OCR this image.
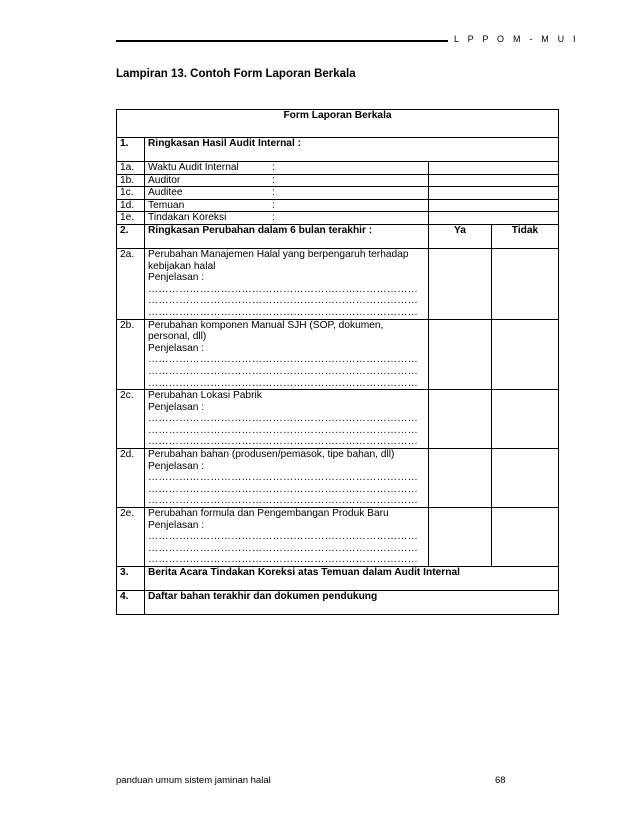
L P P O M - M U I
Lampiran 13. Contoh Form Laporan Berkala
Form Laporan Berkala			
1.	Ringkasan Hasil Audit Internal :		
1a.	Waktu Audit Internal :		
1b.	Auditor :		
1c.	Auditee :		
1d.	Temuan :		
1e.	Tindakan Koreksi :		
2.	Ringkasan Perubahan dalam 6 bulan terakhir :	Ya	Tidak
2a.	Perubahan Manajemen Halal yang berpengaruh terhadap kebijakan halal
Penjelasan :
……………………………………………………………………
……………………………………………………………………
……………………………………………………………………		

2b.	Perubahan komponen Manual SJH (SOP, dokumen, personal, dll)
Penjelasan :
……………………………………………………………………
……………………………………………………………………
……………………………………………………………………		

2c.	Perubahan Lokasi Pabrik
Penjelasan :
……………………………………………………………………
……………………………………………………………………
……………………………………………………………………		

2d.	Perubahan bahan (produsen/pemasok, tipe bahan, dll)
Penjelasan :
……………………………………………………………………
……………………………………………………………………
……………………………………………………………………		

2e.	Perubahan formula dan Pengembangan Produk Baru
Penjelasan :
……………………………………………………………………
……………………………………………………………………
……………………………………………………………………		

3.	Berita Acara Tindakan Koreksi atas Temuan dalam Audit Internal		
4.	Daftar bahan terakhir dan dokumen pendukung		
panduan umum sistem jaminan halal	68
